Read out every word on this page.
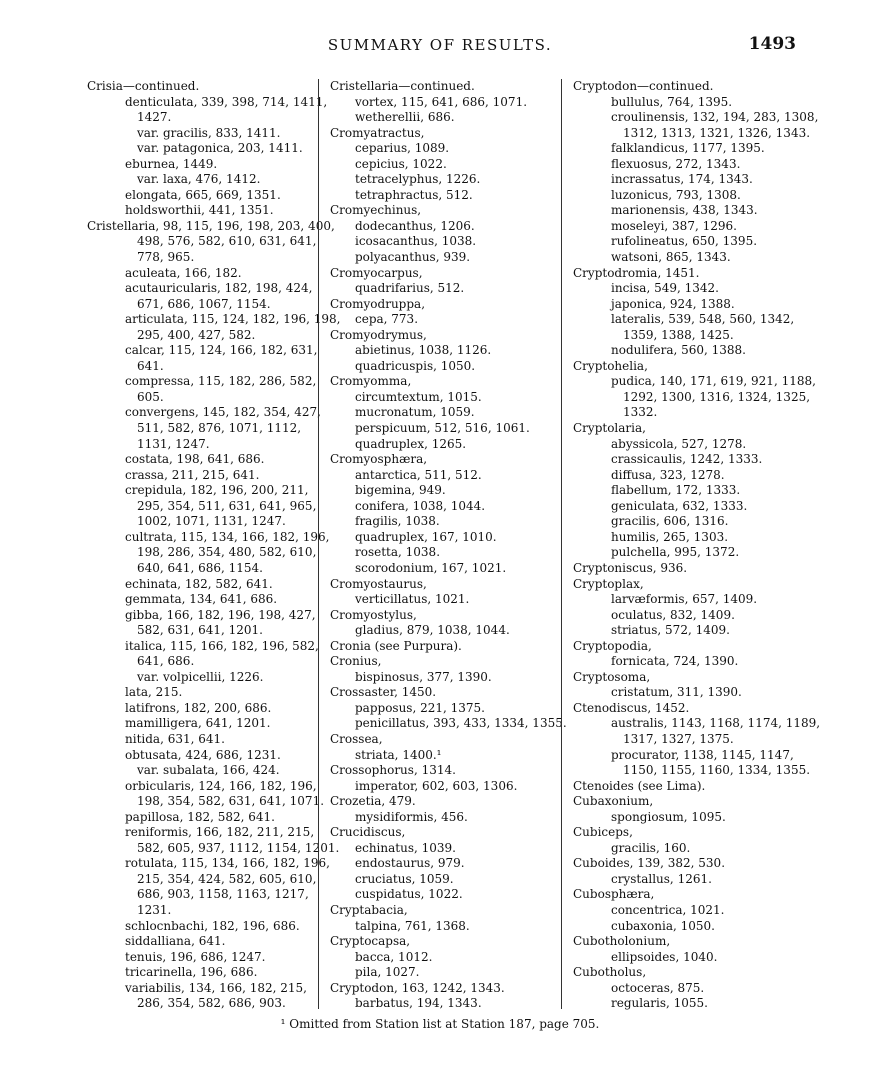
SUMMARY OF RESULTS.	1493
Crisia—continued.
denticulata, 339, 398, 714, 1411,
1427.
var. gracilis, 833, 1411.
var. patagonica, 203, 1411.
eburnea, 1449.
var. laxa, 476, 1412.
elongata, 665, 669, 1351.
holdsworthii, 441, 1351.
Cristellaria, 98, 115, 196, 198, 203, 400,
498, 576, 582, 610, 631, 641,
778, 965.
aculeata, 166, 182.
acutauricularis, 182, 198, 424,
671, 686, 1067, 1154.
articulata, 115, 124, 182, 196, 198,
295, 400, 427, 582.
calcar, 115, 124, 166, 182, 631,
641.
compressa, 115, 182, 286, 582,
605.
convergens, 145, 182, 354, 427,
511, 582, 876, 1071, 1112,
1131, 1247.
costata, 198, 641, 686.
crassa, 211, 215, 641.
crepidula, 182, 196, 200, 211,
295, 354, 511, 631, 641, 965,
1002, 1071, 1131, 1247.
cultrata, 115, 134, 166, 182, 196,
198, 286, 354, 480, 582, 610,
640, 641, 686, 1154.
echinata, 182, 582, 641.
gemmata, 134, 641, 686.
gibba, 166, 182, 196, 198, 427,
582, 631, 641, 1201.
italica, 115, 166, 182, 196, 582,
641, 686.
var. volpicellii, 1226.
lata, 215.
latifrons, 182, 200, 686.
mamilligera, 641, 1201.
nitida, 631, 641.
obtusata, 424, 686, 1231.
var. subalata, 166, 424.
orbicularis, 124, 166, 182, 196,
198, 354, 582, 631, 641, 1071.
papillosa, 182, 582, 641.
reniformis, 166, 182, 211, 215,
582, 605, 937, 1112, 1154, 1201.
rotulata, 115, 134, 166, 182, 196,
215, 354, 424, 582, 605, 610,
686, 903, 1158, 1163, 1217,
1231.
schlocnbachi, 182, 196, 686.
siddalliana, 641.
tenuis, 196, 686, 1247.
tricarinella, 196, 686.
variabilis, 134, 166, 182, 215,
286, 354, 582, 686, 903.
Cristellaria—continued.
vortex, 115, 641, 686, 1071.
wetherellii, 686.
Cromyatractus,
ceparius, 1089.
cepicius, 1022.
tetracelyphus, 1226.
tetraphractus, 512.
Cromyechinus,
dodecanthus, 1206.
icosacanthus, 1038.
polyacanthus, 939.
Cromyocarpus,
quadrifarius, 512.
Cromyodruppa,
cepa, 773.
Cromyodrymus,
abietinus, 1038, 1126.
quadricuspis, 1050.
Cromyomma,
circumtextum, 1015.
mucronatum, 1059.
perspicuum, 512, 516, 1061.
quadruplex, 1265.
Cromyosphæra,
antarctica, 511, 512.
bigemina, 949.
conifera, 1038, 1044.
fragilis, 1038.
quadruplex, 167, 1010.
rosetta, 1038.
scorodonium, 167, 1021.
Cromyostaurus,
verticillatus, 1021.
Cromyostylus,
gladius, 879, 1038, 1044.
Cronia (see Purpura).
Cronius,
bispinosus, 377, 1390.
Crossaster, 1450.
papposus, 221, 1375.
penicillatus, 393, 433, 1334, 1355.
Crossea,
striata, 1400.¹
Crossophorus, 1314.
imperator, 602, 603, 1306.
Crozetia, 479.
mysidiformis, 456.
Crucidiscus,
echinatus, 1039.
endostaurus, 979.
cruciatus, 1059.
cuspidatus, 1022.
Cryptabacia,
talpina, 761, 1368.
Cryptocapsa,
bacca, 1012.
pila, 1027.
Cryptodon, 163, 1242, 1343.
barbatus, 194, 1343.
Cryptodon—continued.
bullulus, 764, 1395.
croulinensis, 132, 194, 283, 1308,
1312, 1313, 1321, 1326, 1343.
falklandicus, 1177, 1395.
flexuosus, 272, 1343.
incrassatus, 174, 1343.
luzonicus, 793, 1308.
marionensis, 438, 1343.
moseleyi, 387, 1296.
rufolineatus, 650, 1395.
watsoni, 865, 1343.
Cryptodromia, 1451.
incisa, 549, 1342.
japonica, 924, 1388.
lateralis, 539, 548, 560, 1342,
1359, 1388, 1425.
nodulifera, 560, 1388.
Cryptohelia,
pudica, 140, 171, 619, 921, 1188,
1292, 1300, 1316, 1324, 1325,
1332.
Cryptolaria,
abyssicola, 527, 1278.
crassicaulis, 1242, 1333.
diffusa, 323, 1278.
flabellum, 172, 1333.
geniculata, 632, 1333.
gracilis, 606, 1316.
humilis, 265, 1303.
pulchella, 995, 1372.
Cryptoniscus, 936.
Cryptoplax,
larvæformis, 657, 1409.
oculatus, 832, 1409.
striatus, 572, 1409.
Cryptopodia,
fornicata, 724, 1390.
Cryptosoma,
cristatum, 311, 1390.
Ctenodiscus, 1452.
australis, 1143, 1168, 1174, 1189,
1317, 1327, 1375.
procurator, 1138, 1145, 1147,
1150, 1155, 1160, 1334, 1355.
Ctenoides (see Lima).
Cubaxonium,
spongiosum, 1095.
Cubiceps,
gracilis, 160.
Cuboides, 139, 382, 530.
crystallus, 1261.
Cubosphæra,
concentrica, 1021.
cubaxonia, 1050.
Cubotholonium,
ellipsoides, 1040.
Cubotholus,
octoceras, 875.
regularis, 1055.
¹ Omitted from Station list at Station 187, page 705.
